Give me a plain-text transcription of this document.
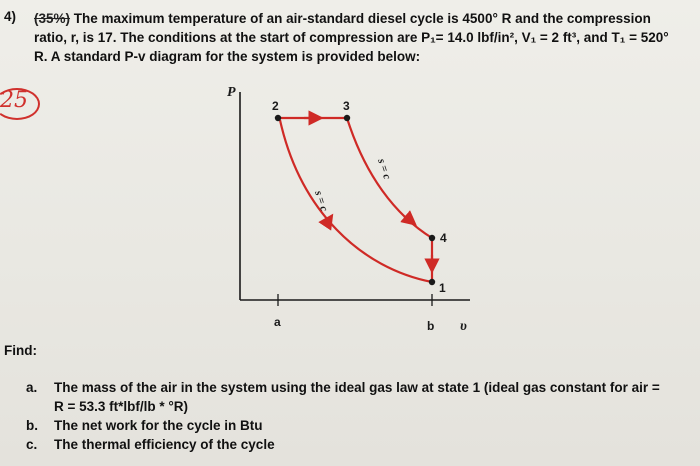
4) (35%) The maximum temperature of an air-standard diesel cycle is 4500° R and the compression
ratio, r, is 17. The conditions at the start of compression are P₁= 14.0 lbf/in², V₁ = 2 ft³, and T₁ = 520°
R. A standard P-v diagram for the system is provided below:
25	P
υ
a	b
1
2	3
4
s = c
s = c
Find:
a. The mass of the air in the system using the ideal gas law at state 1 (ideal gas constant for air =
R = 53.3 ft*lbf/lb * °R)
b. The net work for the cycle in Btu
c. The thermal efficiency of the cycle
